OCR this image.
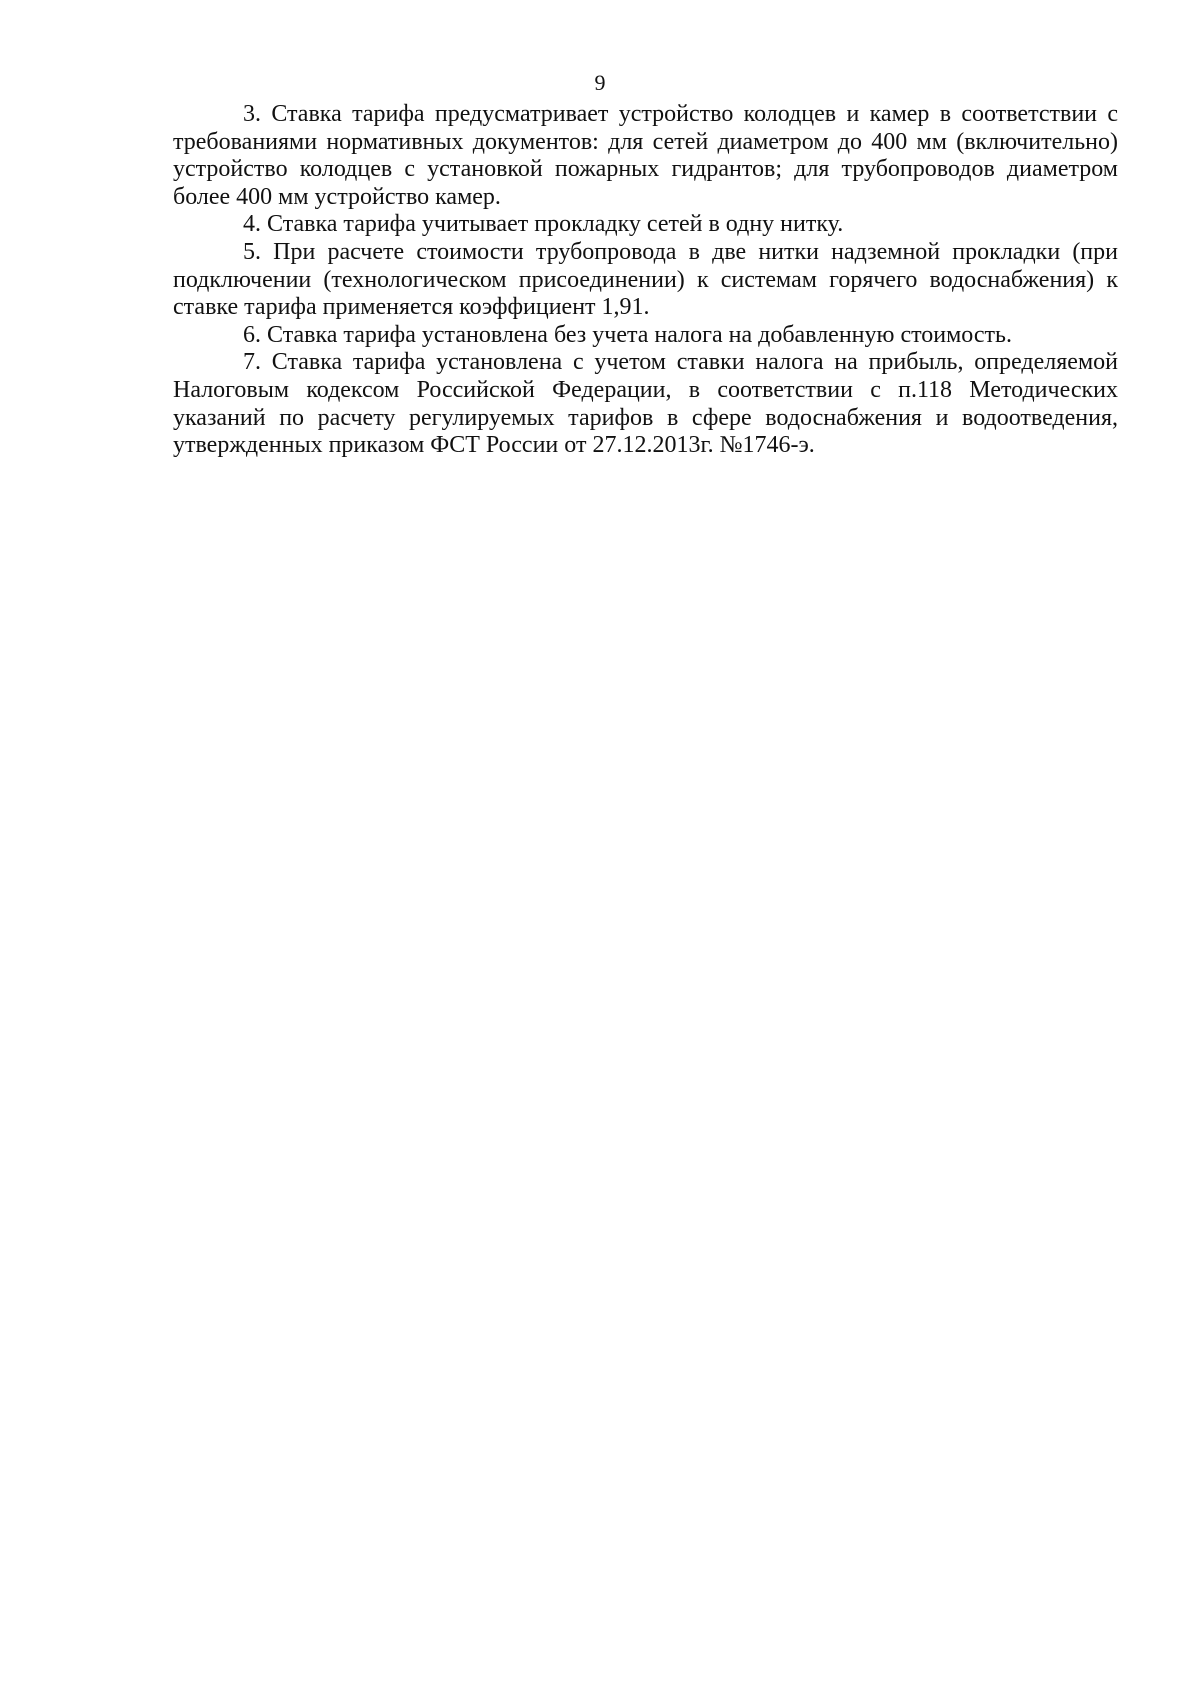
9

3. Ставка тарифа предусматривает устройство колодцев и камер в соответствии с требованиями нормативных документов: для сетей диаметром до 400 мм (включительно) устройство колодцев с установкой пожарных гидрантов; для трубопроводов диаметром более 400 мм устройство камер.

4. Ставка тарифа учитывает прокладку сетей в одну нитку.

5. При расчете стоимости трубопровода в две нитки надземной прокладки (при подключении (технологическом присоединении) к системам горячего водоснабжения) к ставке тарифа применяется коэффициент 1,91.

6. Ставка тарифа установлена без учета налога на добавленную стоимость.

7. Ставка тарифа установлена с учетом ставки налога на прибыль, определяемой Налоговым кодексом Российской Федерации, в соответствии с п.118 Методических указаний по расчету регулируемых тарифов в сфере водоснабжения и водоотведения, утвержденных приказом ФСТ России от 27.12.2013г. №1746-э.
